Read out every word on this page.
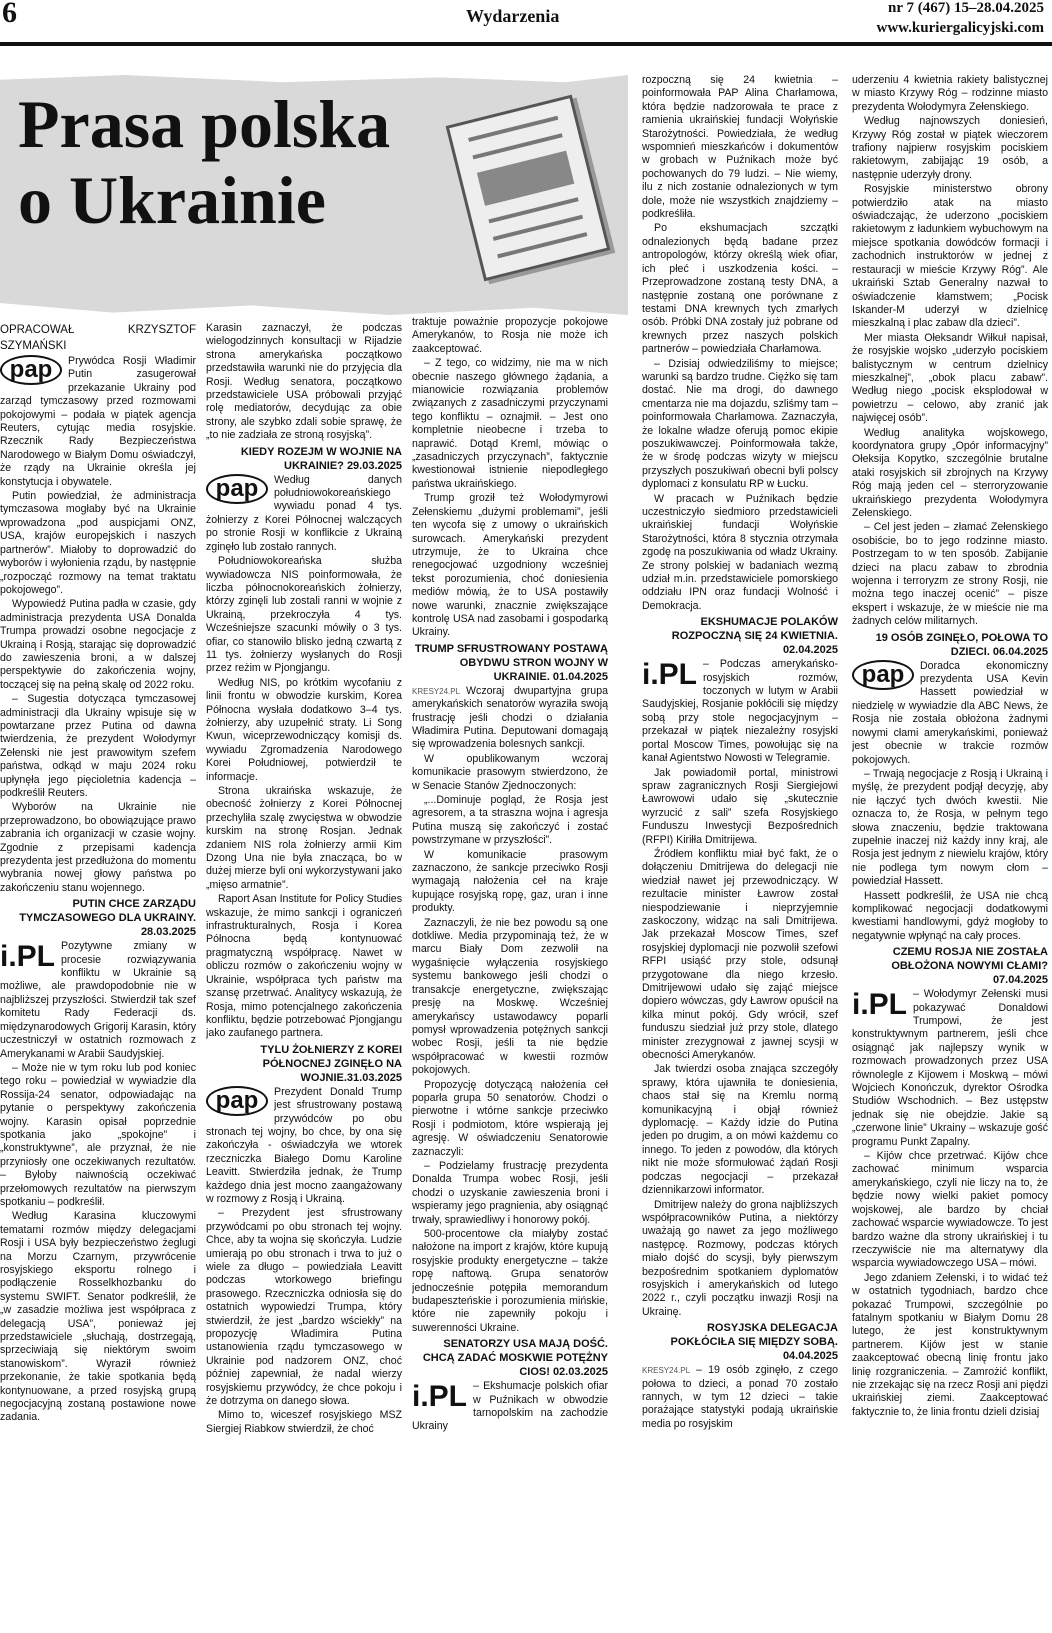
6	Wydarzenia	nr 7 (467) 15–28.04.2025
www.kuriergalicyjski.com
Prasa polska
o Ukrainie

OPRACOWAŁ KRZYSZTOF SZYMAŃSKI

pap	Prywódca Rosji Władimir Putin zasugerował przekazanie Ukrainy pod zarząd tymczasowy przed rozmowami pokojowymi – podała w piątek agencja Reuters, cytując media rosyjskie. Rzecznik Rady Bezpieczeństwa Narodowego w Białym Domu oświadczył, że rządy na Ukrainie określa jej konstytucja i obywatele.

Putin powiedział, że administracja tymczasowa mogłaby być na Ukrainie wprowadzona „pod auspicjami ONZ, USA, krajów europejskich i naszych partnerów”. Miałoby to doprowadzić do wyborów i wyłonienia rządu, by następnie „rozpocząć rozmowy na temat traktatu pokojowego”.

Wypowiedź Putina padła w czasie, gdy administracja prezydenta USA Donalda Trumpa prowadzi osobne negocjacje z Ukrainą i Rosją, starając się doprowadzić do zawieszenia broni, a w dalszej perspektywie do zakończenia wojny, toczącej się na pełną skalę od 2022 roku.

– Sugestia dotycząca tymczasowej administracji dla Ukrainy wpisuje się w powtarzane przez Putina od dawna twierdzenia, że prezydent Wołodymyr Zełenski nie jest prawowitym szefem państwa, odkąd w maju 2024 roku upłynęła jego pięcioletnia kadencja – podkreślił Reuters.

Wyborów na Ukrainie nie przeprowadzono, bo obowiązujące prawo zabrania ich organizacji w czasie wojny. Zgodnie z przepisami kadencja prezydenta jest przedłużona do momentu wybrania nowej głowy państwa po zakończeniu stanu wojennego.

PUTIN CHCE ZARZĄDU TYMCZASOWEGO DLA UKRAINY. 28.03.2025

i.PL Pozytywne zmiany w procesie rozwiązywania konfliktu w Ukrainie są możliwe, ale prawdopodobnie nie w najbliższej przyszłości. Stwierdził tak szef komitetu Rady Federacji ds. międzynarodowych Grigorij Karasin, który uczestniczył w ostatnich rozmowach z Amerykanami w Arabii Saudyjskiej.

– Może nie w tym roku lub pod koniec tego roku – powiedział w wywiadzie dla Rossija-24 senator, odpowiadając na pytanie o perspektywy zakończenia wojny. Karasin opisał poprzednie spotkania jako „spokojne” i „konstruktywne”, ale przyznał, że nie przyniosły one oczekiwanych rezultatów. – Byłoby naiwnością oczekiwać przełomowych rezultatów na pierwszym spotkaniu – podkreślił.

Według Karasina kluczowymi tematami rozmów między delegacjami Rosji i USA były bezpieczeństwo żeglugi na Morzu Czarnym, przywrócenie rosyjskiego eksportu rolnego i podłączenie Rosselkhozbanku do systemu SWIFT. Senator podkreślił, że „w zasadzie możliwa jest współpraca z delegacją USA”, ponieważ jej przedstawiciele „słuchają, dostrzegają, sprzeciwiają się niektórym swoim stanowiskom”. Wyraził również przekonanie, że takie spotkania będą kontynuowane, a przed rosyjską grupą negocjacyjną zostaną postawione nowe zadania.

Karasin zaznaczył, że podczas wielogodzinnych konsultacji w Rijadzie strona amerykańska początkowo przedstawiła warunki nie do przyjęcia dla Rosji. Według senatora, początkowo przedstawiciele USA próbowali przyjąć rolę mediatorów, decydując za obie strony, ale szybko zdali sobie sprawę, że „to nie zadziała ze stroną rosyjską”.

KIEDY ROZEJM W WOJNIE NA UKRAINIE? 29.03.2025

pap	Według danych południowokoreańskiego wywiadu ponad 4 tys. żołnierzy z Korei Północnej walczących po stronie Rosji w konflikcie z Ukrainą zginęło lub zostało rannych.

Południowokoreańska służba wywiadowcza NIS poinformowała, że liczba północnokoreańskich żołnierzy, którzy zginęli lub zostali ranni w wojnie z Ukrainą, przekroczyła 4 tys. Wcześniejsze szacunki mówiły o 3 tys. ofiar, co stanowiło blisko jedną czwartą z 11 tys. żołnierzy wysłanych do Rosji przez reżim w Pjongjangu.

Według NIS, po krótkim wycofaniu z linii frontu w obwodzie kurskim, Korea Północna wysłała dodatkowo 3–4 tys. żołnierzy, aby uzupełnić straty. Li Song Kwun, wiceprzewodniczący komisji ds. wywiadu Zgromadzenia Narodowego Korei Południowej, potwierdził te informacje.

Strona ukraińska wskazuje, że obecność żołnierzy z Korei Północnej przechyliła szalę zwycięstwa w obwodzie kurskim na stronę Rosjan. Jednak zdaniem NIS rola żołnierzy armii Kim Dzong Una nie była znacząca, bo w dużej mierze byli oni wykorzystywani jako „mięso armatnie”.

Raport Asan Institute for Policy Studies wskazuje, że mimo sankcji i ograniczeń infrastrukturalnych, Rosja i Korea Północna będą kontynuować pragmatyczną współpracę. Nawet w obliczu rozmów o zakończeniu wojny w Ukrainie, współpraca tych państw ma szansę przetrwać. Analitycy wskazują, że Rosja, mimo potencjalnego zakończenia konfliktu, będzie potrzebować Pjongjangu jako zaufanego partnera.

TYLU ŻOŁNIERZY Z KOREI PÓŁNOCNEJ ZGINĘŁO NA WOJNIE.31.03.2025

pap	Prezydent Donald Trump jest sfrustrowany postawą przywódców po obu stronach tej wojny, bo chce, by ona się zakończyła - oświadczyła we wtorek rzeczniczka Białego Domu Karoline Leavitt. Stwierdziła jednak, że Trump każdego dnia jest mocno zaangażowany w rozmowy z Rosją i Ukrainą.

– Prezydent jest sfrustrowany przywódcami po obu stronach tej wojny. Chce, aby ta wojna się skończyła. Ludzie umierają po obu stronach i trwa to już o wiele za długo – powiedziała Leavitt podczas wtorkowego briefingu prasowego. Rzeczniczka odniosła się do ostatnich wypowiedzi Trumpa, który stwierdził, że jest „bardzo wściekły” na propozycję Władimira Putina ustanowienia rządu tymczasowego w Ukrainie pod nadzorem ONZ, choć później zapewniał, że nadal wierzy rosyjskiemu przywódcy, że chce pokoju i że dotrzyma on danego słowa.

Mimo to, wiceszef rosyjskiego MSZ Siergiej Riabkow stwierdził, że choć

traktuje poważnie propozycje pokojowe Amerykanów, to Rosja nie może ich zaakceptować.

– Z tego, co widzimy, nie ma w nich obecnie naszego głównego żądania, a mianowicie rozwiązania problemów związanych z zasadniczymi przyczynami tego konfliktu – oznajmił. – Jest ono kompletnie nieobecne i trzeba to naprawić. Dotąd Kreml, mówiąc o „zasadniczych przyczynach”, faktycznie kwestionował istnienie niepodległego państwa ukraińskiego.

Trump groził też Wołodymyrowi Zełenskiemu „dużymi problemami”, jeśli ten wycofa się z umowy o ukraińskich surowcach. Amerykański prezydent utrzymuje, że to Ukraina chce renegocjować uzgodniony wcześniej tekst porozumienia, choć doniesienia mediów mówią, że to USA postawiły nowe warunki, znacznie zwiększające kontrolę USA nad zasobami i gospodarką Ukrainy.

TRUMP SFRUSTROWANY POSTAWĄ OBYDWU STRON WOJNY W UKRAINIE. 01.04.2025

KRESY24.PL Wczoraj dwupartyjna grupa amerykańskich senatorów wyraziła swoją frustrację jeśli chodzi o działania Władimira Putina. Deputowani domagają się wprowadzenia bolesnych sankcji.

W opublikowanym wczoraj komunikacie prasowym stwierdzono, że w Senacie Stanów Zjednoczonych:

„...Dominuje pogląd, że Rosja jest agresorem, a ta straszna wojna i agresja Putina muszą się zakończyć i zostać powstrzymane w przyszłości”.

W komunikacie prasowym zaznaczono, że sankcje przeciwko Rosji wymagają nałożenia ceł na kraje kupujące rosyjską ropę, gaz, uran i inne produkty.

Zaznaczyli, że nie bez powodu są one dotkliwe. Media przypominają też, że w marcu Biały Dom zezwolił na wygaśnięcie wyłączenia rosyjskiego systemu bankowego jeśli chodzi o transakcje energetyczne, zwiększając presję na Moskwę. Wcześniej amerykańscy ustawodawcy poparli pomysł wprowadzenia potężnych sankcji wobec Rosji, jeśli ta nie będzie współpracować w kwestii rozmów pokojowych.

Propozycję dotyczącą nałożenia ceł poparła grupa 50 senatorów. Chodzi o pierwotne i wtórne sankcje przeciwko Rosji i podmiotom, które wspierają jej agresję. W oświadczeniu Senatorowie zaznaczyli:

– Podzielamy frustrację prezydenta Donalda Trumpa wobec Rosji, jeśli chodzi o uzyskanie zawieszenia broni i wspieramy jego pragnienia, aby osiągnąć trwały, sprawiedliwy i honorowy pokój.

500-procentowe cła miałyby zostać nałożone na import z krajów, które kupują rosyjskie produkty energetyczne – także ropę naftową. Grupa senatorów jednocześnie potępiła memorandum budapeszteńskie i porozumienia mińskie, które nie zapewniły pokoju i suwerenności Ukraine.

SENATORZY USA MAJĄ DOŚĆ. CHCĄ ZADAĆ MOSKWIE POTĘŻNY CIOS! 02.03.2025

i.PL – Ekshumacje polskich ofiar w Puźnikach w obwodzie tarnopolskim na zachodzie Ukrainy

rozpoczną się 24 kwietnia – poinformowała PAP Alina Charłamowa, która będzie nadzorowała te prace z ramienia ukraińskiej fundacji Wołyńskie Starożytności. Powiedziała, że według wspomnień mieszkańców i dokumentów w grobach w Puźnikach może być pochowanych do 79 ludzi. – Nie wiemy, ilu z nich zostanie odnalezionych w tym dole, może nie wszystkich znajdziemy – podkreśliła.

Po ekshumacjach szczątki odnalezionych będą badane przez antropologów, którzy określą wiek ofiar, ich płeć i uszkodzenia kości. – Przeprowadzone zostaną testy DNA, a następnie zostaną one porównane z testami DNA krewnych tych zmarłych osób. Próbki DNA zostały już pobrane od krewnych przez naszych polskich partnerów – powiedziała Charłamowa.

– Dzisiaj odwiedziliśmy to miejsce; warunki są bardzo trudne. Ciężko się tam dostać. Nie ma drogi, do dawnego cmentarza nie ma dojazdu, szliśmy tam – poinformowała Charłamowa. Zaznaczyła, że lokalne władze oferują pomoc ekipie poszukiwawczej. Poinformowała także, że w środę podczas wizyty w miejscu przyszłych poszukiwań obecni byli polscy dyplomaci z konsulatu RP w Łucku.

W pracach w Puźnikach będzie uczestniczyło siedmioro przedstawicieli ukraińskiej fundacji Wołyńskie Starożytności, która 8 stycznia otrzymała zgodę na poszukiwania od władz Ukrainy. Ze strony polskiej w badaniach wezmą udział m.in. przedstawiciele pomorskiego oddziału IPN oraz fundacji Wolność i Demokracja.

EKSHUMACJE POLAKÓW ROZPOCZNĄ SIĘ 24 KWIETNIA. 02.04.2025

i.PL – Podczas amerykańsko-rosyjskich rozmów, toczonych w lutym w Arabii Saudyjskiej, Rosjanie pokłócili się między sobą przy stole negocjacyjnym – przekazał w piątek niezależny rosyjski portal Moscow Times, powołując się na kanał Agientstwo Nowosti w Telegramie.

Jak powiadomił portal, ministrowi spraw zagranicznych Rosji Siergiejowi Ławrowowi udało się „skutecznie wyrzucić z sali” szefa Rosyjskiego Funduszu Inwestycji Bezpośrednich (RFPI) Kiriłła Dmitrijewa.

Źródłem konfliktu miał być fakt, że o dołączeniu Dmitrijewa do delegacji nie wiedział nawet jej przewodniczący. W rezultacie minister Ławrow został niespodziewanie i nieprzyjemnie zaskoczony, widząc na sali Dmitrijewa. Jak przekazał Moscow Times, szef rosyjskiej dyplomacji nie pozwolił szefowi RFPI usiąść przy stole, odsunął przygotowane dla niego krzesło. Dmitrijewowi udało się zająć miejsce dopiero wówczas, gdy Ławrow opuścił na kilka minut pokój. Gdy wrócił, szef funduszu siedział już przy stole, dlatego minister zrezygnował z jawnej scysji w obecności Amerykanów.

Jak twierdzi osoba znająca szczegóły sprawy, która ujawniła te doniesienia, chaos stał się na Kremlu normą komunikacyjną i objął również dyplomację. – Każdy idzie do Putina jeden po drugim, a on mówi każdemu co innego. To jeden z powodów, dla których nikt nie może sformułować żądań Rosji podczas negocjacji – przekazał dziennikarzowi informator.

Dmitrijew należy do grona najbliższych współpracowników Putina, a niektórzy uważają go nawet za jego możliwego następcę. Rozmowy, podczas których miało dojść do scysji, były pierwszym bezpośrednim spotkaniem dyplomatów rosyjskich i amerykańskich od lutego 2022 r., czyli początku inwazji Rosji na Ukrainę.

ROSYJSKA DELEGACJA POKŁÓCIŁA SIĘ MIĘDZY SOBĄ. 04.04.2025

KRESY24.PL – 19 osób zginęło, z czego połowa to dzieci, a ponad 70 zostało rannych, w tym 12 dzieci – takie porażające statystyki podają ukraińskie media po rosyjskim

uderzeniu 4 kwietnia rakiety balistycznej w miasto Krzywy Róg – rodzinne miasto prezydenta Wołodymyra Zełenskiego.

Według najnowszych doniesień, Krzywy Róg został w piątek wieczorem trafiony najpierw rosyjskim pociskiem rakietowym, zabijając 19 osób, a następnie uderzyły drony.

Rosyjskie ministerstwo obrony potwierdziło atak na miasto oświadczając, że uderzono „pociskiem rakietowym z ładunkiem wybuchowym na miejsce spotkania dowódców formacji i zachodnich instruktorów w jednej z restauracji w mieście Krzywy Róg”. Ale ukraiński Sztab Generalny nazwał to oświadczenie kłamstwem; „Pocisk Iskander-M uderzył w dzielnicę mieszkalną i plac zabaw dla dzieci”.

Mer miasta Ołeksandr Wiłkuł napisał, że rosyjskie wojsko „uderzyło pociskiem balistycznym w centrum dzielnicy mieszkalnej”, „obok placu zabaw”. Według niego „pocisk eksplodował w powietrzu – celowo, aby zranić jak najwięcej osób”.

Według analityka wojskowego, koordynatora grupy „Opór informacyjny” Ołeksija Kopytko, szczególnie brutalne ataki rosyjskich sił zbrojnych na Krzywy Róg mają jeden cel – sterroryzowanie ukraińskiego prezydenta Wołodymyra Zełenskiego.

– Cel jest jeden – złamać Zełenskiego osobiście, bo to jego rodzinne miasto. Postrzegam to w ten sposób. Zabijanie dzieci na placu zabaw to zbrodnia wojenna i terroryzm ze strony Rosji, nie można tego inaczej ocenić” – pisze ekspert i wskazuje, że w mieście nie ma żadnych celów militarnych.

19 OSÓB ZGINĘŁO, POŁOWA TO DZIECI. 06.04.2025

pap	Doradca ekonomiczny prezydenta USA Kevin Hassett powiedział w niedzielę w wywiadzie dla ABC News, że Rosja nie została obłożona żadnymi nowymi cłami amerykańskimi, ponieważ jest obecnie w trakcie rozmów pokojowych.

– Trwają negocjacje z Rosją i Ukrainą i myślę, że prezydent podjął decyzję, aby nie łączyć tych dwóch kwestii. Nie oznacza to, że Rosja, w pełnym tego słowa znaczeniu, będzie traktowana zupełnie inaczej niż każdy inny kraj, ale Rosja jest jednym z niewielu krajów, który nie podlega tym nowym cłom – powiedział Hassett.

Hassett podkreślił, że USA nie chcą komplikować negocjacji dodatkowymi kwestiami handlowymi, gdyż mogłoby to negatywnie wpłynąć na cały proces.

CZEMU ROSJA NIE ZOSTAŁA OBŁOŻONA NOWYMI CŁAMI? 07.04.2025

i.PL – Wołodymyr Zełenski musi pokazywać Donaldowi Trumpowi, że jest konstruktywnym partnerem, jeśli chce osiągnąć jak najlepszy wynik w rozmowach prowadzonych przez USA równolegle z Kijowem i Moskwą – mówi Wojciech Konończuk, dyrektor Ośrodka Studiów Wschodnich. – Bez ustępstw jednak się nie obejdzie. Jakie są „czerwone linie” Ukrainy – wskazuje gość programu Punkt Zapalny.

– Kijów chce przetrwać. Kijów chce zachować minimum wsparcia amerykańskiego, czyli nie liczy na to, że będzie nowy wielki pakiet pomocy wojskowej, ale bardzo by chciał zachować wsparcie wywiadowcze. To jest bardzo ważne dla strony ukraińskiej i tu rzeczywiście nie ma alternatywy dla wsparcia wywiadowczego USA – mówi.

Jego zdaniem Zełenski, i to widać też w ostatnich tygodniach, bardzo chce pokazać Trumpowi, szczególnie po fatalnym spotkaniu w Białym Domu 28 lutego, że jest konstruktywnym partnerem. Kijów jest w stanie zaakceptować obecną linię frontu jako linię rozgraniczenia. – Zamrożić konflikt, nie zrzekając się na rzecz Rosji ani piędzi ukraińskiej ziemi. Zaakceptować faktycznie to, że linia frontu dzieli dzisiaj
